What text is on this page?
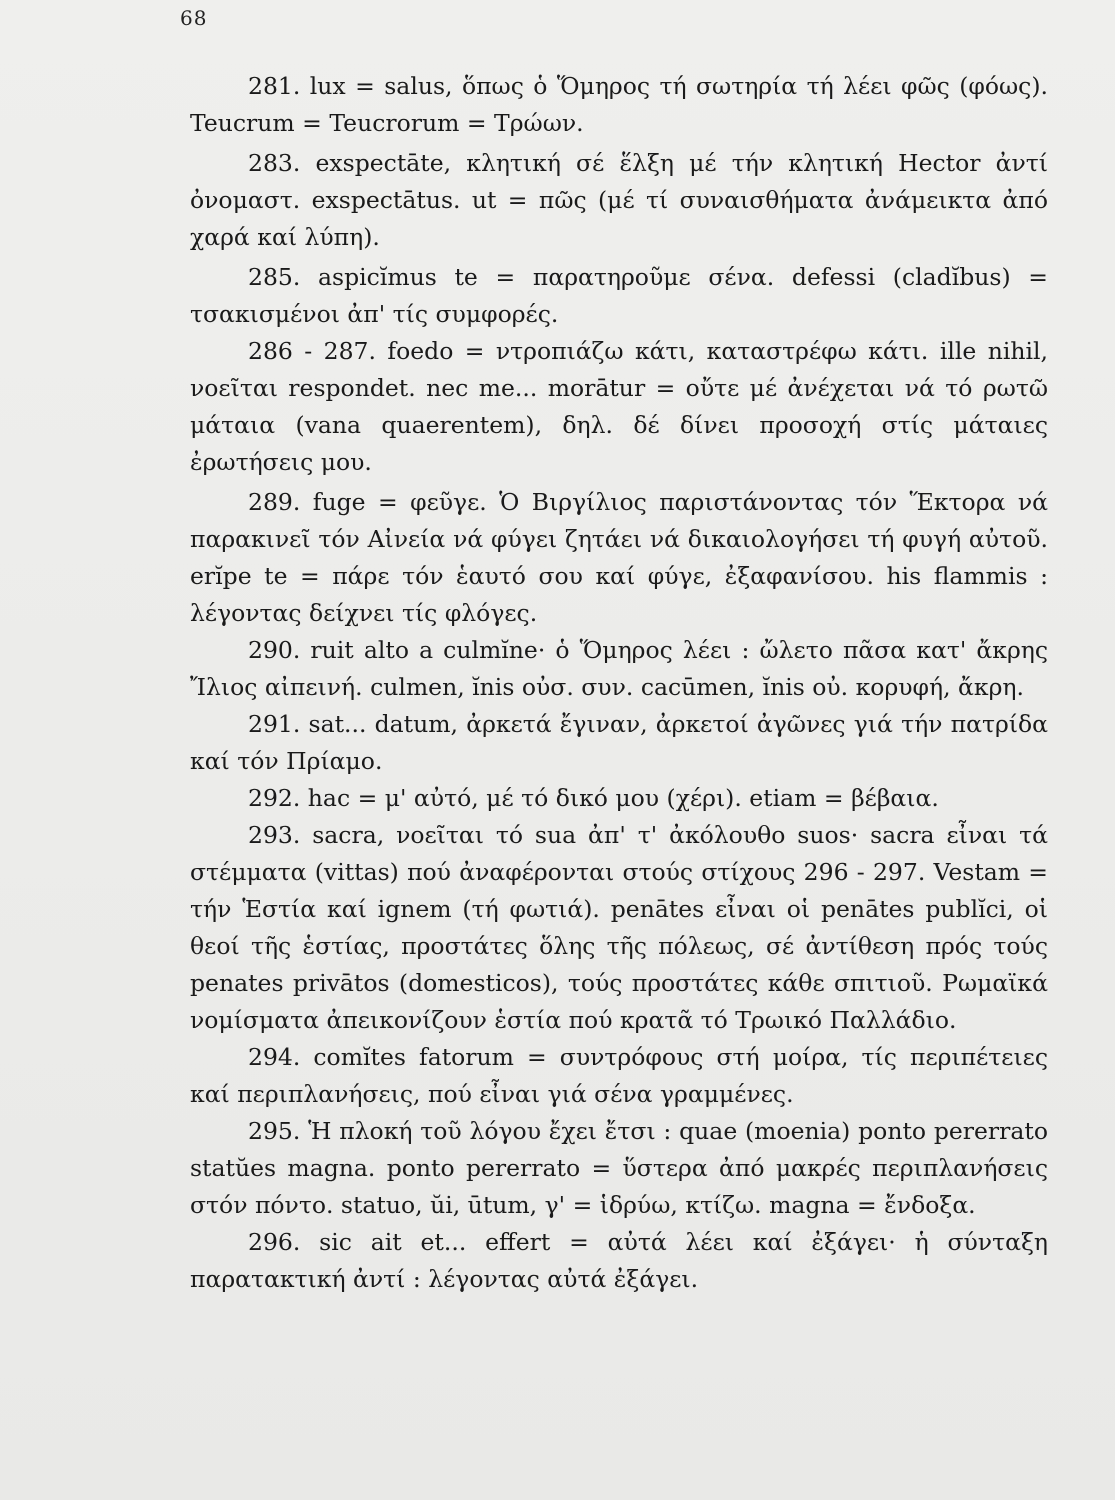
68

281. lux = salus, ὅπως ὁ Ὅμηρος τή σωτηρία τή λέει φῶς (φόως). Teucrum = Teucrorum = Τρώων.

283. exspectāte, κλητική σέ ἕλξη μέ τήν κλητική Hector ἀντί ὀνομαστ. exspectātus. ut = πῶς (μέ τί συναισθήματα ἀνάμεικτα ἀπό χαρά καί λύπη).

285. aspicĭmus te = παρατηροῦμε σένα. defessi (cladĭbus) = τσακισμένοι ἀπ' τίς συμφορές.

286 - 287. foedo = ντροπιάζω κάτι, καταστρέφω κάτι. ille nihil, νοεῖται respondet. nec me... morātur = οὔτε μέ ἀνέχεται νά τό ρωτῶ μάταια (vana quaerentem), δηλ. δέ δίνει προσοχή στίς μάταιες ἐρωτήσεις μου.

289. fuge = φεῦγε. Ὁ Βιργίλιος παριστάνοντας τόν Ἕκτορα νά παρακινεῖ τόν Αἰνεία νά φύγει ζητάει νά δικαιολογήσει τή φυγή αὐτοῦ. erĭpe te = πάρε τόν ἑαυτό σου καί φύγε, ἐξαφανίσου. his flammis : λέγοντας δείχνει τίς φλόγες.

290. ruit alto a culmĭne· ὁ Ὅμηρος λέει : ὤλετο πᾶσα κατ' ἄκρης Ἴλιος αἰπεινή. culmen, ĭnis οὐσ. συν. cacūmen, ĭnis οὐ. κορυφή, ἄκρη.

291. sat... datum, ἀρκετά ἔγιναν, ἀρκετοί ἀγῶνες γιά τήν πατρίδα καί τόν Πρίαμο.

292. hac = μ' αὐτό, μέ τό δικό μου (χέρι). etiam = βέβαια.

293. sacra, νοεῖται τό sua ἀπ' τ' ἀκόλουθο suos· sacra εἶναι τά στέμματα (vittas) πού ἀναφέρονται στούς στίχους 296 - 297. Vestam = τήν Ἑστία καί ignem (τή φωτιά). penātes εἶναι οἱ penātes publĭci, οἱ θεοί τῆς ἑστίας, προστάτες ὅλης τῆς πόλεως, σέ ἀντίθεση πρός τούς penates privātos (domesticos), τούς προστάτες κάθε σπιτιοῦ. Ρωμαϊκά νομίσματα ἀπεικονίζουν ἑστία πού κρατᾶ τό Τρωικό Παλλάδιο.

294. comĭtes fatorum = συντρόφους στή μοίρα, τίς περιπέτειες καί περιπλανήσεις, πού εἶναι γιά σένα γραμμένες.

295. Ἡ πλοκή τοῦ λόγου ἔχει ἔτσι : quae (moenia) ponto pererrato statŭes magna. ponto pererrato = ὕστερα ἀπό μακρές περιπλανήσεις στόν πόντο. statuo, ŭi, ūtum, γ' = ἱδρύω, κτίζω. magna = ἔνδοξα.

296. sic ait et... effert = αὐτά λέει καί ἐξάγει· ἡ σύνταξη παρατακτική ἀντί : λέγοντας αὐτά ἐξάγει.
